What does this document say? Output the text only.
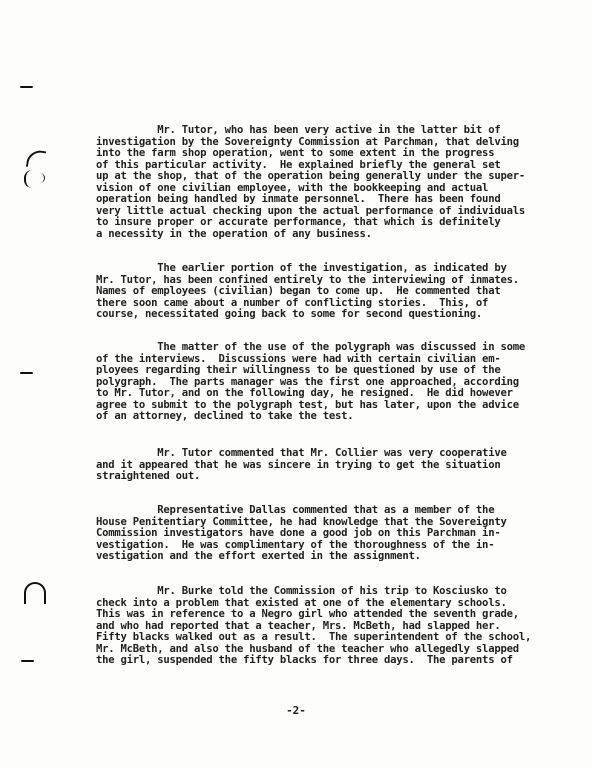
Mr. Tutor, who has been very active in the latter bit of
investigation by the Sovereignty Commission at Parchman, that delving
into the farm shop operation, went to some extent in the progress
of this particular activity.  He explained briefly the general set
up at the shop, that of the operation being generally under the super-
vision of one civilian employee, with the bookkeeping and actual
operation being handled by inmate personnel.  There has been found
very little actual checking upon the actual performance of individuals
to insure proper or accurate performance, that which is definitely
a necessity in the operation of any business.
The earlier portion of the investigation, as indicated by
Mr. Tutor, has been confined entirely to the interviewing of inmates.
Names of employees (civilian) began to come up.  He commented that
there soon came about a number of conflicting stories.  This, of
course, necessitated going back to some for second questioning.
The matter of the use of the polygraph was discussed in some
of the interviews.  Discussions were had with certain civilian em-
ployees regarding their willingness to be questioned by use of the
polygraph.  The parts manager was the first one approached, according
to Mr. Tutor, and on the following day, he resigned.  He did however
agree to submit to the polygraph test, but has later, upon the advice
of an attorney, declined to take the test.
Mr. Tutor commented that Mr. Collier was very cooperative
and it appeared that he was sincere in trying to get the situation
straightened out.
Representative Dallas commented that as a member of the
House Penitentiary Committee, he had knowledge that the Sovereignty
Commission investigators have done a good job on this Parchman in-
vestigation.  He was complimentary of the thoroughness of the in-
vestigation and the effort exerted in the assignment.
Mr. Burke told the Commission of his trip to Kosciusko to
check into a problem that existed at one of the elementary schools.
This was in reference to a Negro girl who attended the seventh grade,
and who had reported that a teacher, Mrs. McBeth, had slapped her.
Fifty blacks walked out as a result.  The superintendent of the school,
Mr. McBeth, and also the husband of the teacher who allegedly slapped
the girl, suspended the fifty blacks for three days.  The parents of

-2-
